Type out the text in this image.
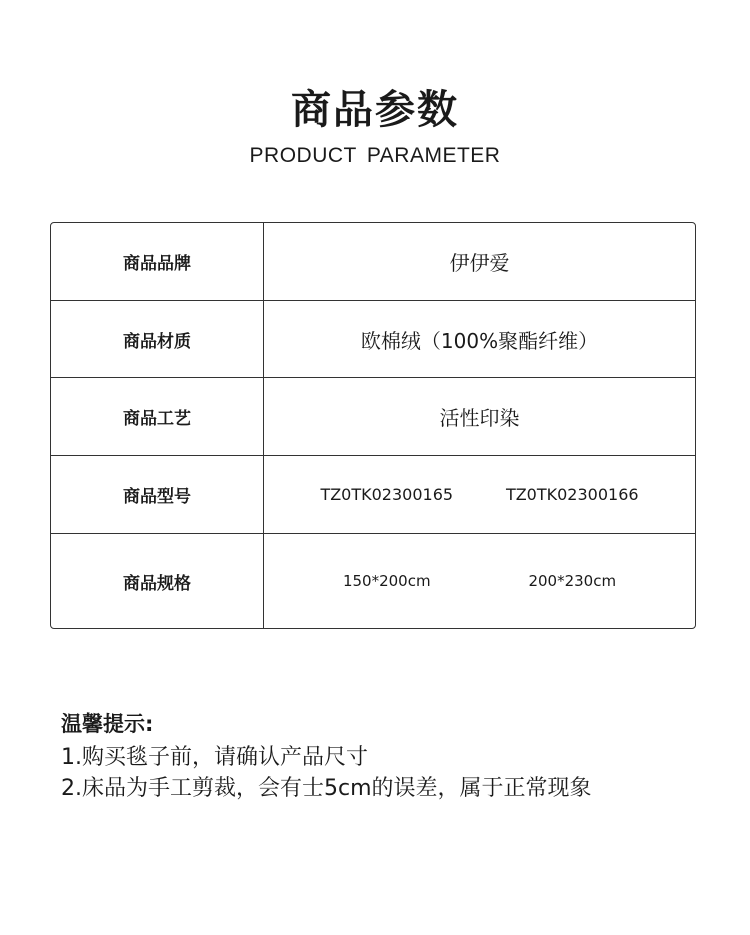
商品参数
PRODUCT PARAMETER
商品品牌	伊伊爱
商品材质	欧棉绒（100%聚酯纤维）
商品工艺	活性印染
商品型号	TZ0TK02300165	TZ0TK02300166
商品规格	150*200cm	200*230cm
温馨提示:
1.购买毯子前，请确认产品尺寸
2.床品为手工剪裁，会有士5cm的误差，属于正常现象
